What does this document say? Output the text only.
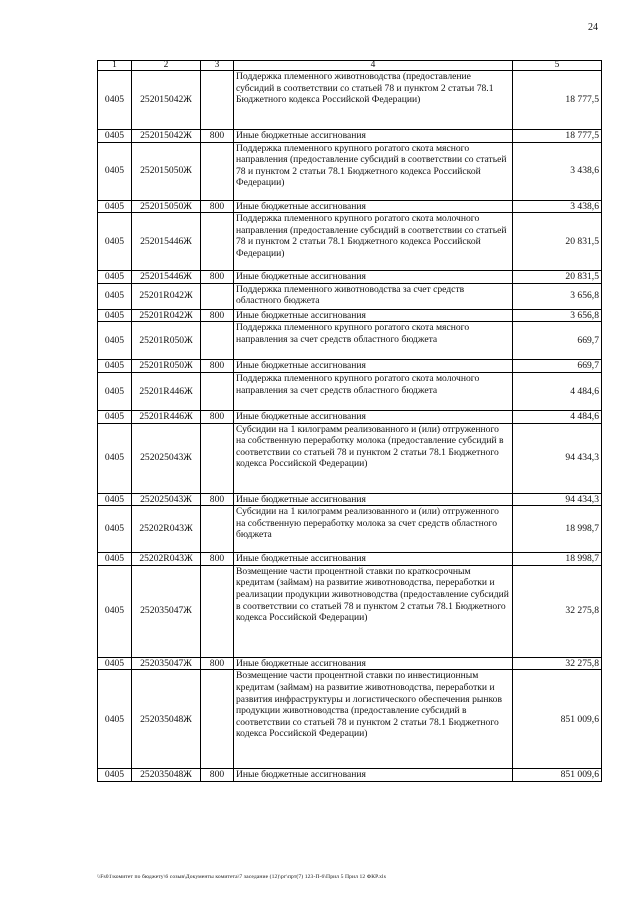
24
1	2	3	4	5
0405	252015042Ж		Поддержка племенного животноводства (предоставление субсидий в соответствии со статьей 78 и пунктом 2 статьи 78.1 Бюджетного кодекса Российской Федерации)	18 777,5
0405	252015042Ж	800	Иные бюджетные ассигнования	18 777,5
0405	252015050Ж		Поддержка племенного крупного рогатого скота мясного направления (предоставление субсидий в соответствии со статьей 78 и пунктом 2 статьи 78.1 Бюджетного кодекса Российской Федерации)	3 438,6
0405	252015050Ж	800	Иные бюджетные ассигнования	3 438,6
0405	252015446Ж		Поддержка племенного крупного рогатого скота молочного направления (предоставление субсидий в соответствии со статьей 78 и пунктом 2 статьи 78.1 Бюджетного кодекса Российской Федерации)	20 831,5
0405	252015446Ж	800	Иные бюджетные ассигнования	20 831,5
0405	25201R042Ж		Поддержка племенного животноводства за счет средств областного бюджета	3 656,8
0405	25201R042Ж	800	Иные бюджетные ассигнования	3 656,8
0405	25201R050Ж		Поддержка племенного крупного рогатого скота мясного направления за счет средств областного бюджета	669,7
0405	25201R050Ж	800	Иные бюджетные ассигнования	669,7
0405	25201R446Ж		Поддержка племенного крупного рогатого скота молочного направления за счет средств областного бюджета	4 484,6
0405	25201R446Ж	800	Иные бюджетные ассигнования	4 484,6
0405	252025043Ж		Субсидии на 1 килограмм реализованного и (или) отгруженного на собственную переработку молока (предоставление субсидий в соответствии со статьей 78 и пунктом 2 статьи 78.1 Бюджетного кодекса Российской Федерации)	94 434,3
0405	252025043Ж	800	Иные бюджетные ассигнования	94 434,3
0405	25202R043Ж		Субсидии на 1 килограмм реализованного и (или) отгруженного на собственную переработку молока за счет средств областного бюджета	18 998,7
0405	25202R043Ж	800	Иные бюджетные ассигнования	18 998,7
0405	252035047Ж		Возмещение части процентной ставки по краткосрочным кредитам (займам) на развитие животноводства, переработки и реализации продукции животноводства (предоставление субсидий в соответствии со статьей 78 и пунктом 2 статьи 78.1 Бюджетного кодекса Российской Федерации)	32 275,8
0405	252035047Ж	800	Иные бюджетные ассигнования	32 275,8
0405	252035048Ж		Возмещение части процентной ставки по инвестиционным кредитам (займам) на развитие животноводства, переработки и развития инфраструктуры и логистического обеспечения рынков продукции животноводства (предоставление субсидий в соответствии со статьей 78 и пунктом 2 статьи 78.1 Бюджетного кодекса Российской Федерации)	851 009,6
0405	252035048Ж	800	Иные бюджетные ассигнования	851 009,6
\\Fs01\комитет по бюджету\6 созыв\Документы комитета\7 заседание (12)\рг\прт(7) 123-П-6\Прил 5 Прил 12 ФКР.xls
